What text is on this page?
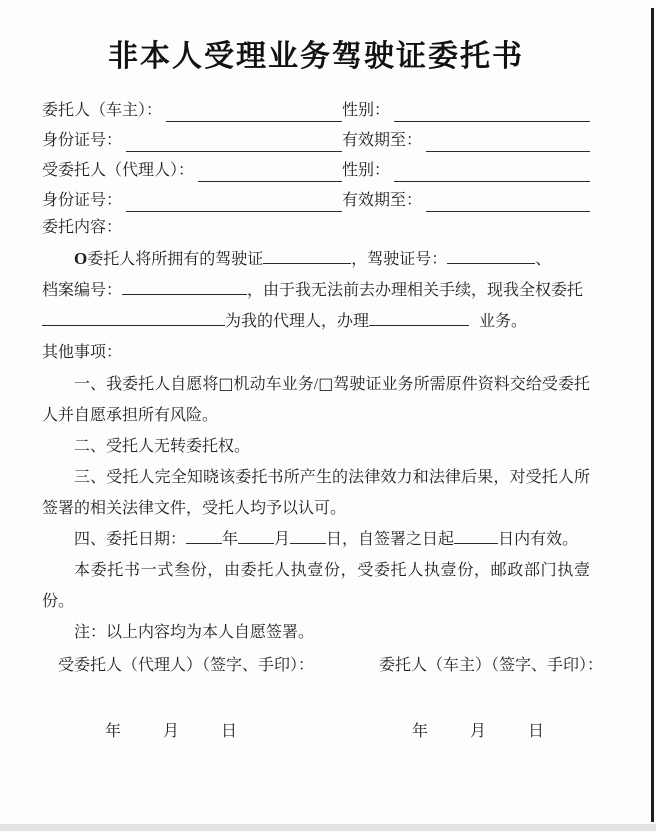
非本人受理业务驾驶证委托书
委托人（车主）：	性别：
身份证号：	有效期至：
受委托人（代理人）：	性别：
身份证号：	有效期至：

委托内容：

O委托人将所拥有的驾驶证	，驾驶证号：	、

档案编号：	，由于我无法前去办理相关手续，现我全权委托

为我的代理人，办理	业务。

其他事项：

一、我委托人自愿将□机动车业务/□驾驶证业务所需原件资料交给受委托人并自愿承担所有风险。

二、受托人无转委托权。

三、受托人完全知晓该委托书所产生的法律效力和法律后果，对受托人所签署的相关法律文件，受托人均予以认可。

四、委托日期： 年 月 日，自签署之日起	日内有效。

本委托书一式叁份，由委托人执壹份，受委托人执壹份，邮政部门执壹份。

注：以上内容均为本人自愿签署。

受委托人（代理人）（签字、手印）：	委托人（车主）（签字、手印）：
年	月	日	年	月	日
